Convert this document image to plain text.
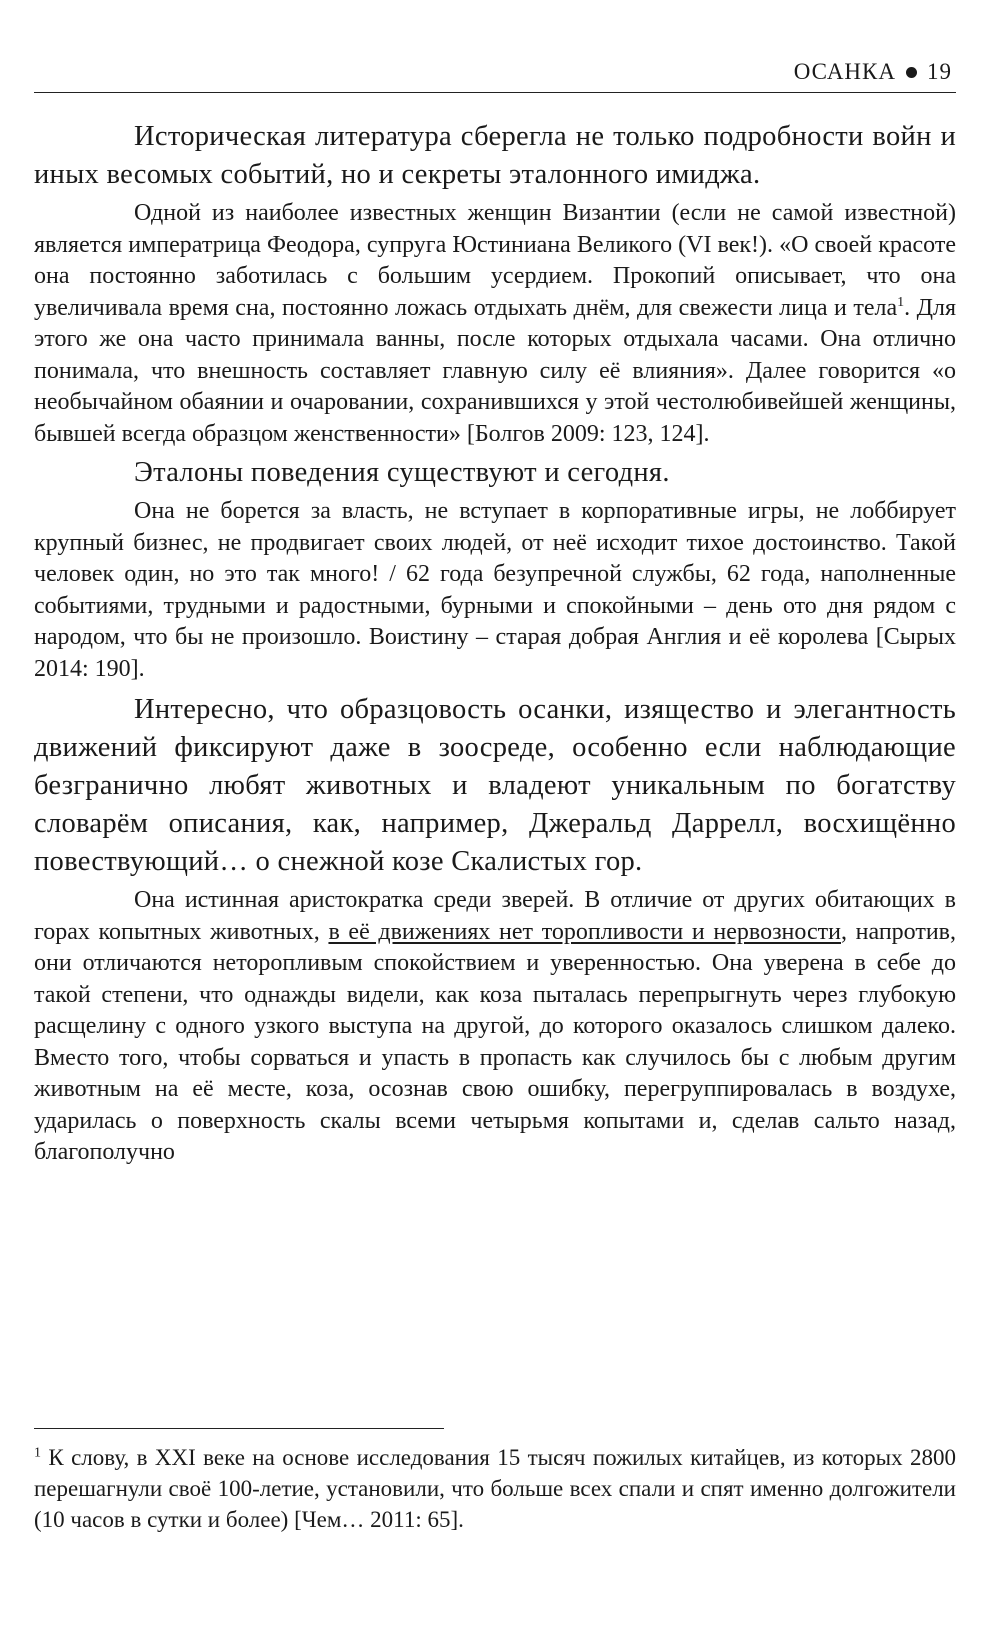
ОСАНКА 19

Историческая литература сберегла не только подробности войн и иных весомых событий, но и секреты эталонного имиджа.

Одной из наиболее известных женщин Византии (если не самой известной) является императрица Феодора, супруга Юстиниана Великого (VI век!). «О своей красоте она постоянно заботилась с большим усердием. Прокопий описывает, что она увеличивала время сна, постоянно ложась отдыхать днём, для свежести лица и тела$^1$. Для этого же она часто принимала ванны, после которых отдыхала часами. Она отлично понимала, что внешность составляет главную силу её влияния». Далее говорится «о необычайном обаянии и очаровании, сохранившихся у этой честолюбивейшей женщины, бывшей всегда образцом женственности» [Болгов 2009: 123, 124].

Эталоны поведения существуют и сегодня.

Она не борется за власть, не вступает в корпоративные игры, не лоббирует крупный бизнес, не продвигает своих людей, от неё исходит тихое достоинство. Такой человек один, но это так много! / 62 года безупречной службы, 62 года, наполненные событиями, трудными и радостными, бурными и спокойными – день ото дня рядом с народом, что бы не произошло. Воистину – старая добрая Англия и её королева [Сырых 2014: 190].

Интересно, что образцовость осанки, изящество и элегантность движений фиксируют даже в зоосреде, особенно если наблюдающие безгранично любят животных и владеют уникальным по богатству словарём описания, как, например, Джеральд Даррелл, восхищённо повествующий… о снежной козе Скалистых гор.

Она истинная аристократка среди зверей. В отличие от других обитающих в горах копытных животных, в её движениях нет торопливости и нервозности, напротив, они отличаются неторопливым спокойствием и уверенностью. Она уверена в себе до такой степени, что однажды видели, как коза пыталась перепрыгнуть через глубокую расщелину с одного узкого выступа на другой, до которого оказалось слишком далеко. Вместо того, чтобы сорваться и упасть в пропасть как случилось бы с любым другим животным на её месте, коза, осознав свою ошибку, перегруппировалась в воздухе, ударилась о поверхность скалы всеми четырьмя копытами и, сделав сальто назад, благополучно

$^1$ К слову, в XXI веке на основе исследования 15 тысяч пожилых китайцев, из которых 2800 перешагнули своё 100-летие, установили, что больше всех спали и спят именно долгожители (10 часов в сутки и более) [Чем… 2011: 65].
